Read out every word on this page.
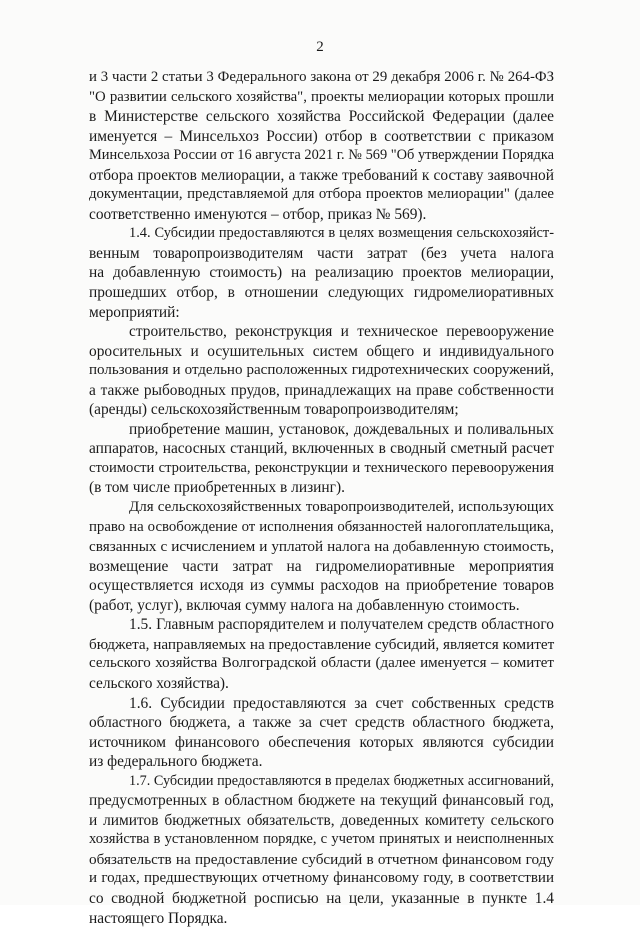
2
и 3 части 2 статьи 3 Федерального закона от 29 декабря 2006 г. № 264-ФЗ
"О развитии сельского хозяйства", проекты мелиорации которых прошли
в Министерстве сельского хозяйства Российской Федерации (далее
именуется – Минсельхоз России) отбор в соответствии с приказом
Минсельхоза России от 16 августа 2021 г. № 569 "Об утверждении Порядка
отбора проектов мелиорации, а также требований к составу заявочной
документации, представляемой для отбора проектов мелиорации" (далее
соответственно именуются – отбор, приказ № 569).
1.4. Субсидии предоставляются в целях возмещения сельскохозяйст-
венным товаропроизводителям части затрат (без учета налога
на добавленную стоимость) на реализацию проектов мелиорации,
прошедших отбор, в отношении следующих гидромелиоративных
мероприятий:
строительство, реконструкция и техническое перевооружение
оросительных и осушительных систем общего и индивидуального
пользования и отдельно расположенных гидротехнических сооружений,
а также рыбоводных прудов, принадлежащих на праве собственности
(аренды) сельскохозяйственным товаропроизводителям;
приобретение машин, установок, дождевальных и поливальных
аппаратов, насосных станций, включенных в сводный сметный расчет
стоимости строительства, реконструкции и технического перевооружения
(в том числе приобретенных в лизинг).
Для сельскохозяйственных товаропроизводителей, использующих
право на освобождение от исполнения обязанностей налогоплательщика,
связанных с исчислением и уплатой налога на добавленную стоимость,
возмещение части затрат на гидромелиоративные мероприятия
осуществляется исходя из суммы расходов на приобретение товаров
(работ, услуг), включая сумму налога на добавленную стоимость.
1.5. Главным распорядителем и получателем средств областного
бюджета, направляемых на предоставление субсидий, является комитет
сельского хозяйства Волгоградской области (далее именуется – комитет
сельского хозяйства).
1.6. Субсидии предоставляются за счет собственных средств
областного бюджета, а также за счет средств областного бюджета,
источником финансового обеспечения которых являются субсидии
из федерального бюджета.
1.7. Субсидии предоставляются в пределах бюджетных ассигнований,
предусмотренных в областном бюджете на текущий финансовый год,
и лимитов бюджетных обязательств, доведенных комитету сельского
хозяйства в установленном порядке, с учетом принятых и неисполненных
обязательств на предоставление субсидий в отчетном финансовом году
и годах, предшествующих отчетному финансовому году, в соответствии
со сводной бюджетной росписью на цели, указанные в пункте 1.4
настоящего Порядка.
